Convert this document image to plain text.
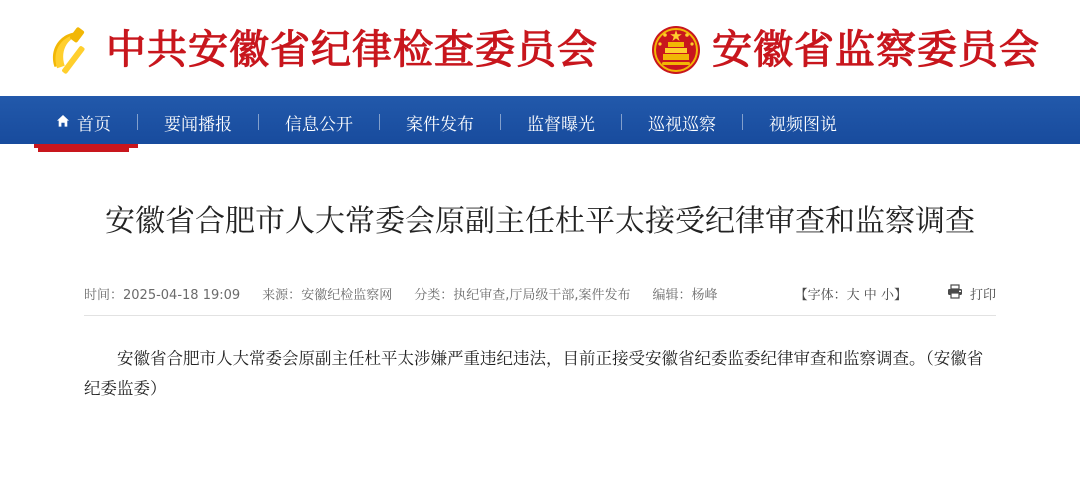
中共安徽省纪律检查委员会	安徽省监察委员会
首页	要闻播报	信息公开	案件发布	监督曝光	巡视巡察	视频图说
安徽省合肥市人大常委会原副主任杜平太接受纪律审查和监察调查
时间：2025-04-18 19:09 来源：安徽纪检监察网 分类：执纪审查,厅局级干部,案件发布 编辑：杨峰	【字体：大 中 小】	打印

安徽省合肥市人大常委会原副主任杜平太涉嫌严重违纪违法，目前正接受安徽省纪委监委纪律审查和监察调查。（安徽省纪委监委）
